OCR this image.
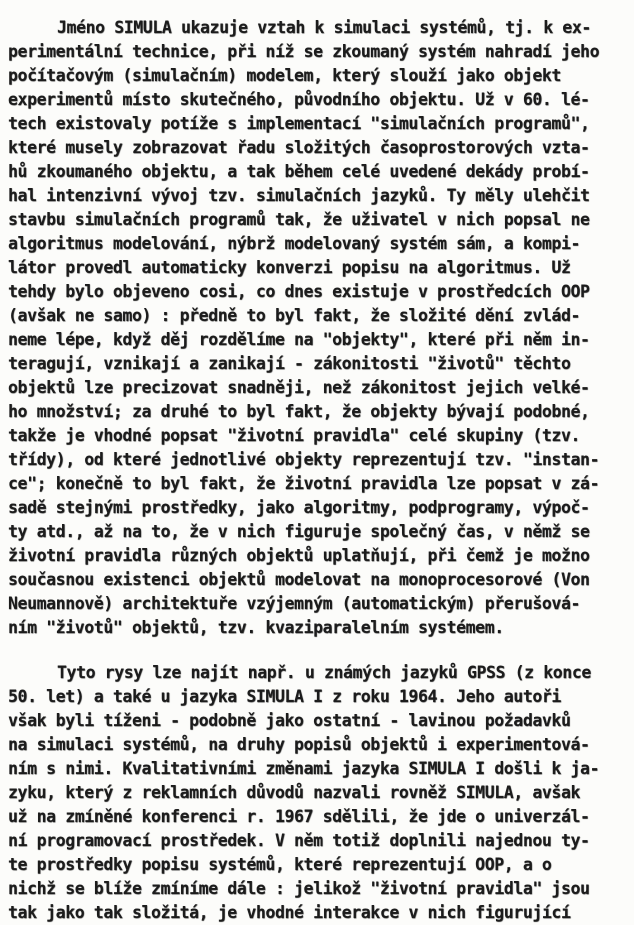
Jméno SIMULA ukazuje vztah k simulaci systémů, tj. k ex-
perimentální technice, při níž se zkoumaný systém nahradí jeho
počítačovým (simulačním) modelem, který slouží jako objekt
experimentů místo skutečného, původního objektu. Už v 60. lé-
tech existovaly potíže s implementací "simulačních programů",
které musely zobrazovat řadu složitých časoprostorových vzta-
hů zkoumaného objektu, a tak během celé uvedené dekády probí-
hal intenzivní vývoj tzv. simulačních jazyků. Ty měly ulehčit
stavbu simulačních programů tak, že uživatel v nich popsal ne
algoritmus modelování, nýbrž modelovaný systém sám, a kompi-
látor provedl automaticky konverzi popisu na algoritmus. Už
tehdy bylo objeveno cosi, co dnes existuje v prostředcích OOP
(avšak ne samo) : předně to byl fakt, že složité dění zvlád-
neme lépe, když děj rozdělíme na "objekty", které při něm in-
teragují, vznikají a zanikají - zákonitosti "životů" těchto
objektů lze precizovat snadněji, než zákonitost jejich velké-
ho množství; za druhé to byl fakt, že objekty bývají podobné,
takže je vhodné popsat "životní pravidla" celé skupiny (tzv.
třídy), od které jednotlivé objekty reprezentují tzv. "instan-
ce"; konečně to byl fakt, že životní pravidla lze popsat v zá-
sadě stejnými prostředky, jako algoritmy, podprogramy, výpoč-
ty atd., až na to, že v nich figuruje společný čas, v němž se
životní pravidla různých objektů uplatňují, při čemž je možno
současnou existenci objektů modelovat na monoprocesorové (Von
Neumannově) architektuře vzýjemným (automatickým) přerušová-
ním "životů" objektů, tzv. kvaziparalelním systémem.
Tyto rysy lze najít např. u známých jazyků GPSS (z konce
50. let) a také u jazyka SIMULA I z roku 1964. Jeho autoři
však byli tíženi - podobně jako ostatní - lavinou požadavků
na simulaci systémů, na druhy popisů objektů i experimentová-
ním s nimi. Kvalitativními změnami jazyka SIMULA I došli k ja-
zyku, který z reklamních důvodů nazvali rovněž SIMULA, avšak
už na zmíněné konferenci r. 1967 sdělili, že jde o univerzál-
ní programovací prostředek. V něm totiž doplnili najednou ty-
te prostředky popisu systémů, které reprezentují OOP, a o
nichž se blíže zmíníme dále : jelikož "životní pravidla" jsou
tak jako tak složitá, je vhodné interakce v nich figurující
